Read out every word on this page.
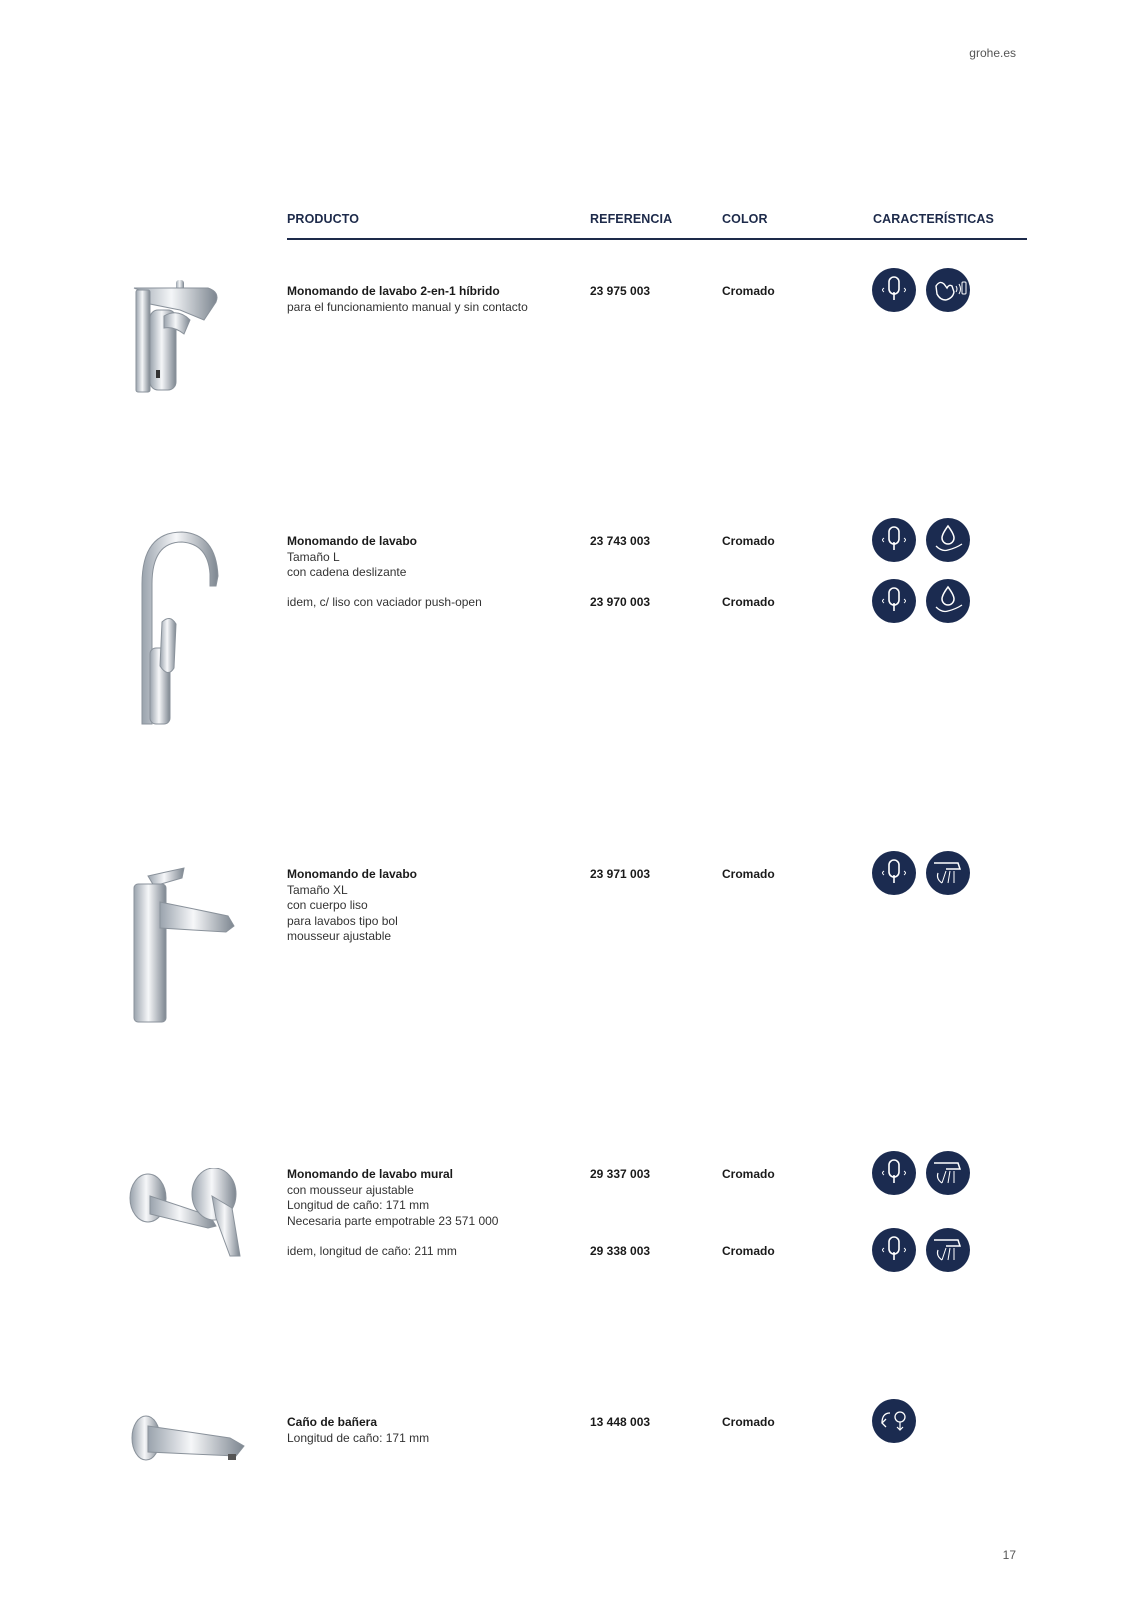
grohe.es
PRODUCTO	REFERENCIA	COLOR	CARACTERÍSTICAS
Monomando de lavabo 2-en-1 híbrido
para el funcionamiento manual y sin contacto
23 975 003	Cromado
Monomando de lavabo
Tamaño L
con cadena deslizante
23 743 003	Cromado
idem, c/ liso con vaciador push-open	23 970 003	Cromado
Monomando de lavabo
Tamaño XL
con cuerpo liso
para lavabos tipo bol
mousseur ajustable
23 971 003	Cromado
Monomando de lavabo mural
con mousseur ajustable
Longitud de caño: 171 mm
Necesaria parte empotrable 23 571 000
29 337 003	Cromado
idem, longitud de caño: 211 mm	29 338 003	Cromado
Caño de bañera
Longitud de caño: 171 mm
13 448 003	Cromado
17
